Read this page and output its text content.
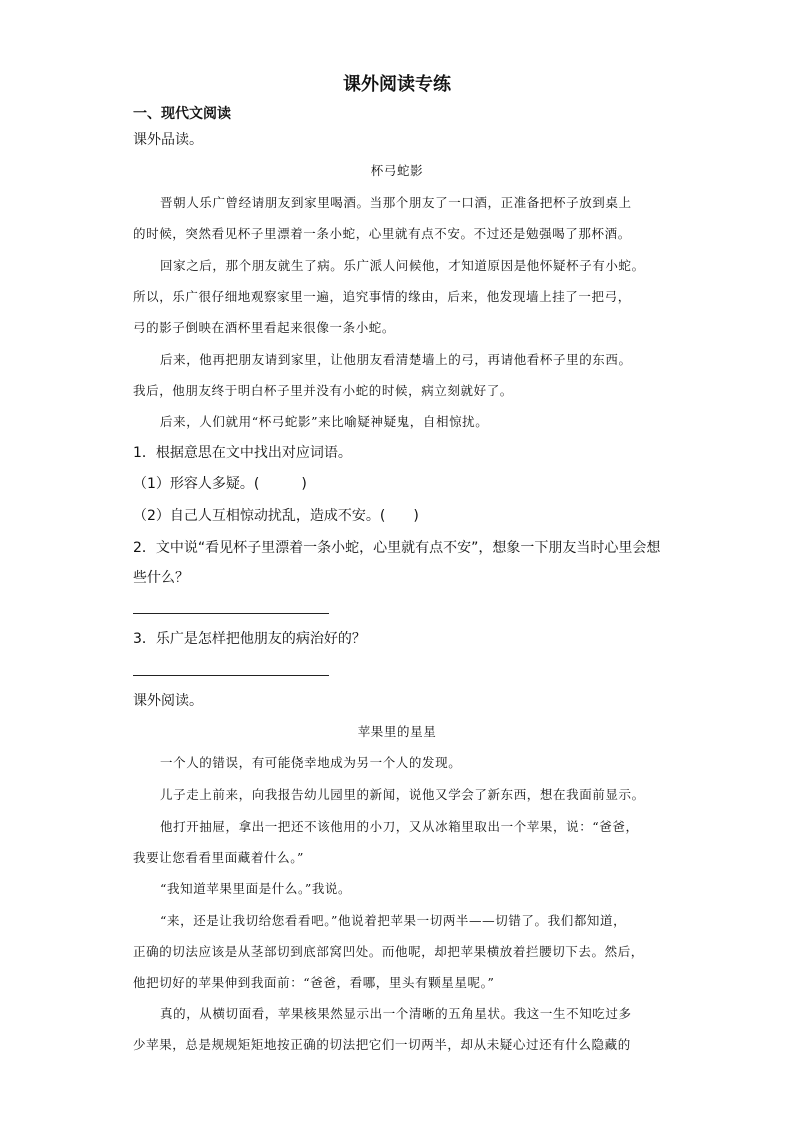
课外阅读专练
一、现代文阅读
课外品读。
杯弓蛇影
晋朝人乐广曾经请朋友到家里喝酒。当那个朋友了一口酒，正准备把杯子放到桌上
的时候，突然看见杯子里漂着一条小蛇，心里就有点不安。不过还是勉强喝了那杯酒。
回家之后，那个朋友就生了病。乐广派人问候他，才知道原因是他怀疑杯子有小蛇。
所以，乐广很仔细地观察家里一遍，追究事情的缘由，后来，他发现墙上挂了一把弓，
弓的影子倒映在酒杯里看起来很像一条小蛇。
后来，他再把朋友请到家里，让他朋友看清楚墙上的弓，再请他看杯子里的东西。
我后，他朋友终于明白杯子里并没有小蛇的时候，病立刻就好了。
后来，人们就用“杯弓蛇影”来比喻疑神疑鬼，自相惊扰。
1．根据意思在文中找出对应词语。
（1）形容人多疑。(　　　)
（2）自己人互相惊动扰乱，造成不安。(　　)
2．文中说“看见杯子里漂着一条小蛇，心里就有点不安”，想象一下朋友当时心里会想
些什么？
3．乐广是怎样把他朋友的病治好的？
课外阅读。
苹果里的星星
一个人的错误，有可能侥幸地成为另一个人的发现。
儿子走上前来，向我报告幼儿园里的新闻，说他又学会了新东西，想在我面前显示。
他打开抽屉，拿出一把还不该他用的小刀，又从冰箱里取出一个苹果，说：“爸爸，
我要让您看看里面藏着什么。”
“我知道苹果里面是什么。”我说。
“来，还是让我切给您看看吧。”他说着把苹果一切两半——切错了。我们都知道，
正确的切法应该是从茎部切到底部窝凹处。而他呢，却把苹果横放着拦腰切下去。然后，
他把切好的苹果伸到我面前：“爸爸，看哪，里头有颗星星呢。”
真的，从横切面看，苹果核果然显示出一个清晰的五角星状。我这一生不知吃过多
少苹果，总是规规矩矩地按正确的切法把它们一切两半，却从未疑心过还有什么隐藏的
